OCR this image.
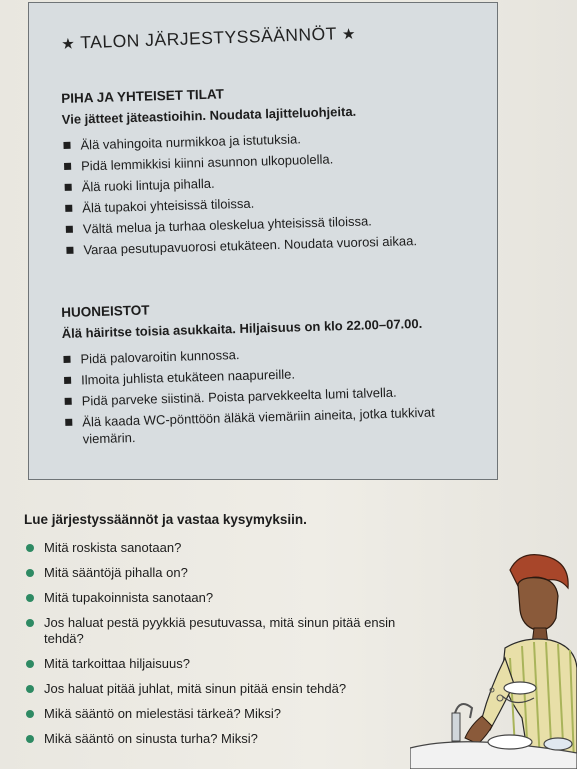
★ TALON JÄRJESTYSSÄÄNNÖT ★

PIHA JA YHTEISET TILAT

Vie jätteet jäteastioihin. Noudata lajitteluohjeita.

Älä vahingoita nurmikkoa ja istutuksia.
Pidä lemmikkisi kiinni asunnon ulkopuolella.
Älä ruoki lintuja pihalla.
Älä tupakoi yhteisissä tiloissa.
Vältä melua ja turhaa oleskelua yhteisissä tiloissa.
Varaa pesutupavuorosi etukäteen. Noudata vuorosi aikaa.

HUONEISTOT

Älä häiritse toisia asukkaita. Hiljaisuus on klo 22.00–07.00.

Pidä palovaroitin kunnossa.
Ilmoita juhlista etukäteen naapureille.
Pidä parveke siistinä. Poista parvekkeelta lumi talvella.
Älä kaada WC-pönttöön äläkä viemäriin aineita, jotka tukkivat viemärin.

Lue järjestyssäännöt ja vastaa kysymyksiin.

Mitä roskista sanotaan?
Mitä sääntöjä pihalla on?
Mitä tupakoinnista sanotaan?
Jos haluat pestä pyykkiä pesutuvassa, mitä sinun pitää ensin tehdä?
Mitä tarkoittaa hiljaisuus?
Jos haluat pitää juhlat, mitä sinun pitää ensin tehdä?
Mikä sääntö on mielestäsi tärkeä? Miksi?
Mikä sääntö on sinusta turha? Miksi?
